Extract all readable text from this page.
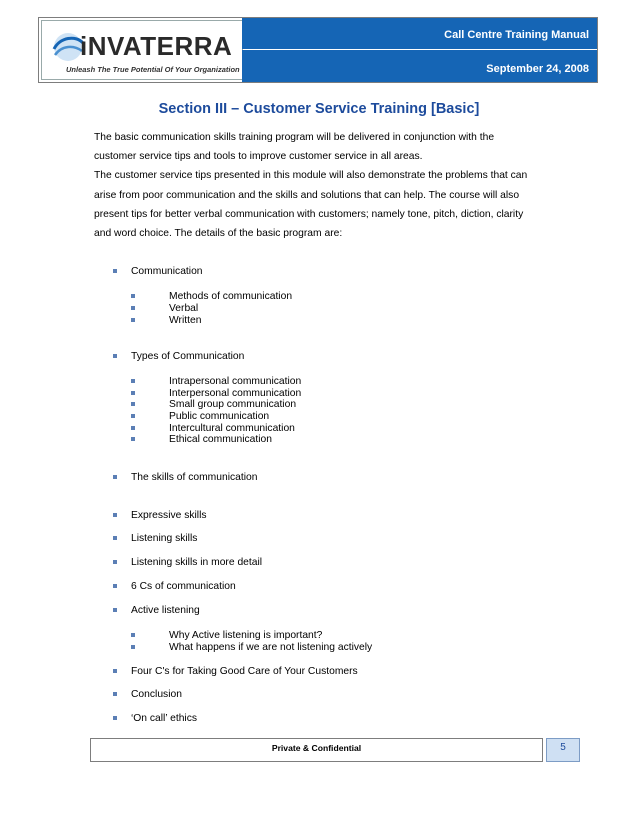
iNVATERRA
Unleash The True Potential Of Your Organization
Call Centre Training Manual
September 24, 2008
Section III – Customer Service Training [Basic]

The basic communication skills training program will be delivered in conjunction with the

customer service tips and tools to improve customer service in all areas.

The customer service tips presented in this module will also demonstrate the problems that can

arise from poor communication and the skills and solutions that can help. The course will also

present tips for better verbal communication with customers; namely tone, pitch, diction, clarity

and word choice. The details of the basic program are:

Communication
Methods of communication
Verbal
Written
Types of Communication
Intrapersonal communication
Interpersonal communication
Small group communication
Public communication
Intercultural communication
Ethical communication
The skills of communication
Expressive skills
Listening skills
Listening skills in more detail
6 Cs of communication
Active listening
Why Active listening is important?
What happens if we are not listening actively
Four C's for Taking Good Care of Your Customers
Conclusion
‘On call’ ethics
Private & Confidential	5
